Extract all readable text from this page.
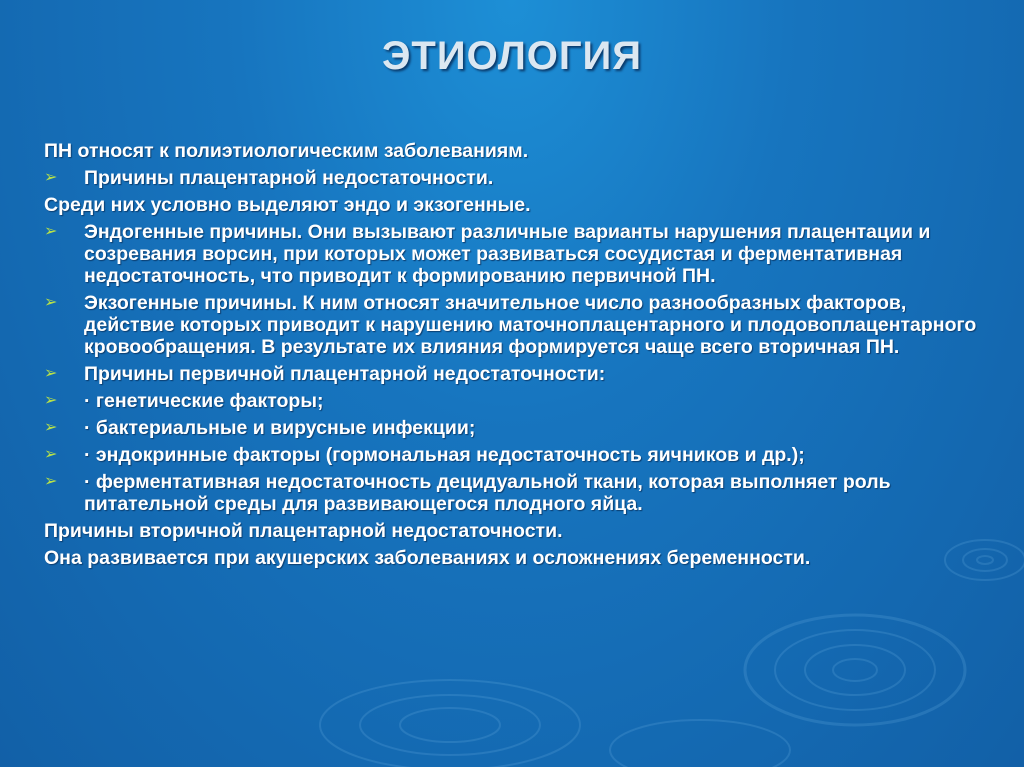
ЭТИОЛОГИЯ
ПН относят к полиэтиологическим заболеваниям.
➢ Причины плацентарной недостаточности.
Среди них условно выделяют эндо и экзогенные.
➢ Эндогенные причины. Они вызывают различные варианты нарушения плацентации и созревания ворсин, при которых может развиваться сосудистая и ферментативная недостаточность, что приводит к формированию первичной ПН.
➢ Экзогенные причины. К ним относят значительное число разнообразных факторов, действие которых приводит к нарушению маточноплацентарного и плодовоплацентарного кровообращения. В результате их влияния формируется чаще всего вторичная ПН.
➢ Причины первичной плацентарной недостаточности:
➢ · генетические факторы;
➢ · бактериальные и вирусные инфекции;
➢ · эндокринные факторы (гормональная недостаточность яичников и др.);
➢ · ферментативная недостаточность децидуальной ткани, которая выполняет роль питательной среды для развивающегося плодного яйца.
Причины вторичной плацентарной недостаточности.
Она развивается при акушерских заболеваниях и осложнениях беременности.
